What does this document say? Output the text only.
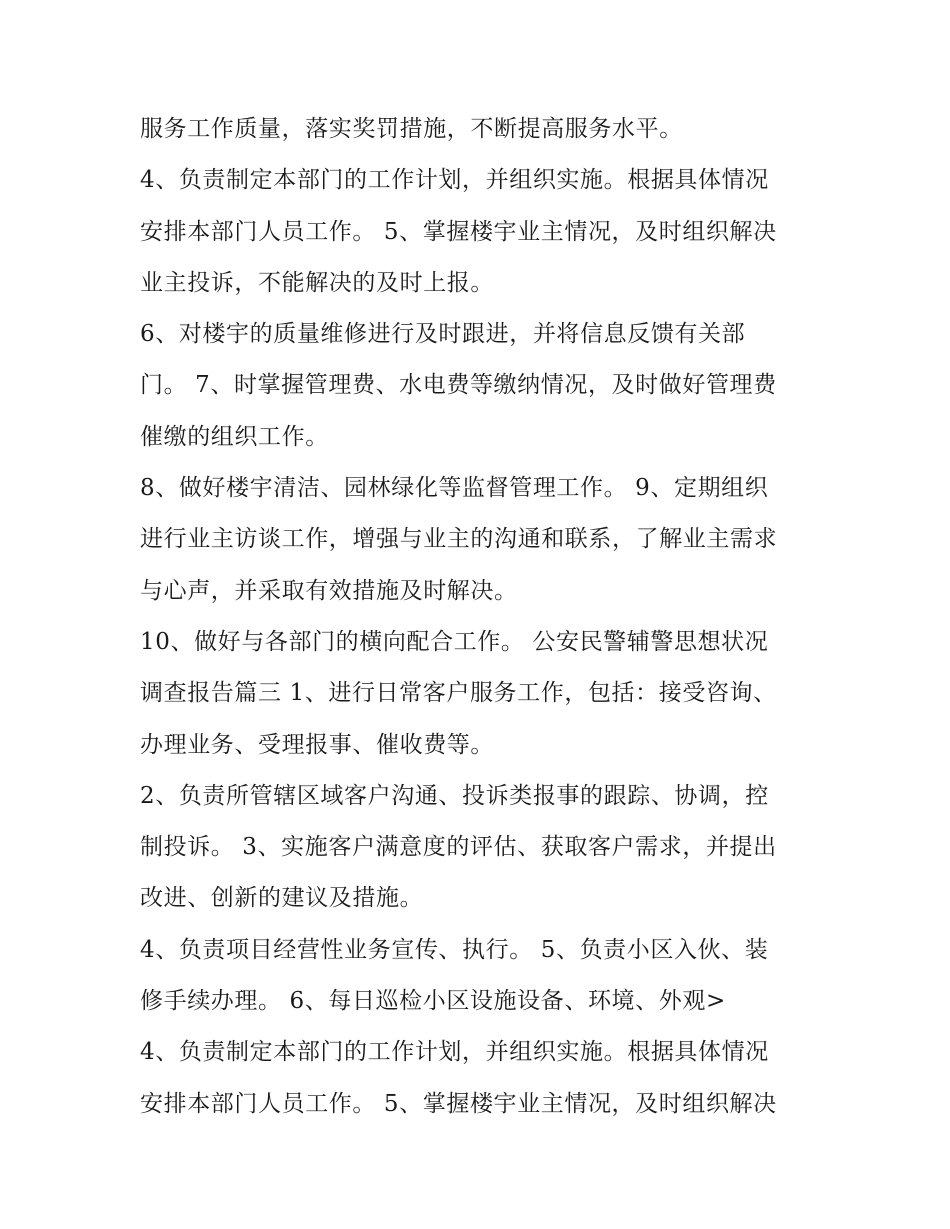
服务工作质量，落实奖罚措施，不断提高服务水平。
4、负责制定本部门的工作计划，并组织实施。根据具体情况
安排本部门人员工作。 5、掌握楼宇业主情况，及时组织解决
业主投诉，不能解决的及时上报。
6、对楼宇的质量维修进行及时跟进，并将信息反馈有关部
门。 7、时掌握管理费、水电费等缴纳情况，及时做好管理费
催缴的组织工作。
8、做好楼宇清洁、园林绿化等监督管理工作。 9、定期组织
进行业主访谈工作，增强与业主的沟通和联系，了解业主需求
与心声，并采取有效措施及时解决。
10、做好与各部门的横向配合工作。 公安民警辅警思想状况
调查报告篇三 1、进行日常客户服务工作，包括：接受咨询、
办理业务、受理报事、催收费等。
2、负责所管辖区域客户沟通、投诉类报事的跟踪、协调，控
制投诉。 3、实施客户满意度的评估、获取客户需求，并提出
改进、创新的建议及措施。
4、负责项目经营性业务宣传、执行。 5、负责小区入伙、装
修手续办理。 6、每日巡检小区设施设备、环境、外观>
4、负责制定本部门的工作计划，并组织实施。根据具体情况
安排本部门人员工作。 5、掌握楼宇业主情况，及时组织解决
